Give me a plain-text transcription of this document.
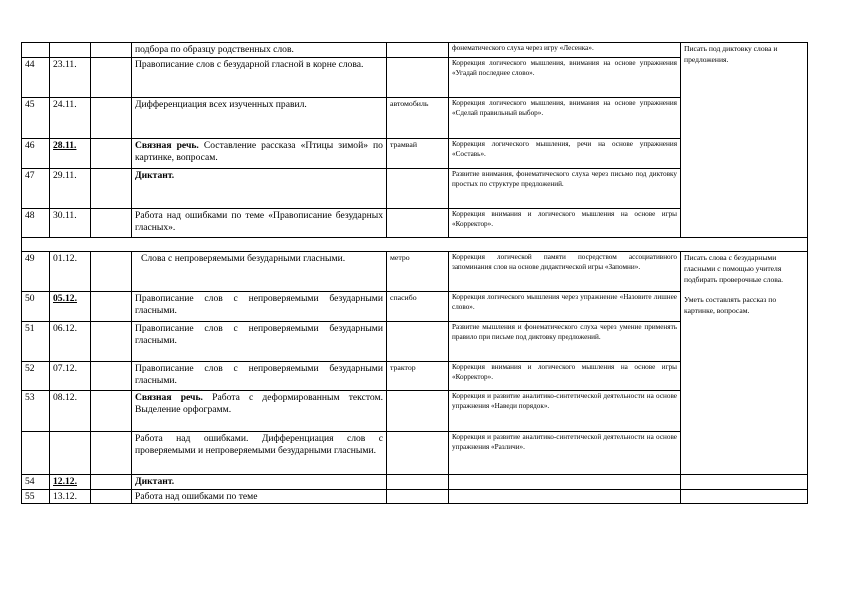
			подбора по образцу родственных слов.		фонематического слуха через игру «Лесенка».	Писать под диктовку слова и предложения.
44	23.11.		Правописание слов с безударной гласной в корне слова.		Коррекция логического мышления, внимания на основе упражнения «Угадай последнее слово».	
45	24.11.		Дифференциация всех изученных правил.	автомобиль	Коррекция логического мышления, внимания на основе упражнения «Сделай правильный выбор».	
46	28.11.		Связная речь. Составление рассказа «Птицы зимой» по картинке, вопросам.	трамвай	Коррекция логического мышления, речи на основе упражнения «Составь».	
47	29.11.		Диктант.		Развитие внимания, фонематического слуха через письмо под диктовку простых по структуре предложений.	
48	30.11.		Работа над ошибками по теме «Правописание безударных гласных».		Коррекция внимания и логического мышления на основе игры «Корректор».	

49	01.12.		Слова с непроверяемыми безударными гласными.	метро	Коррекция логической памяти посредством ассоциативного запоминания слов на основе дидактической игры «Запомни».	Писать слова с безударными гласными с помощью учителя подбирать проверочные слова.
Уметь составлять рассказ по картинке, вопросам.

50	05.12.		Правописание слов с непроверяемыми безударными гласными.	спасибо	Коррекция логического мышления через упражнение «Назовите лишнее слово».	
51	06.12.		Правописание слов с непроверяемыми безударными гласными.		Развитие мышления и фонематического слуха через умение применять правило при письме под диктовку предложений.	
52	07.12.		Правописание слов с непроверяемыми безударными гласными.	трактор	Коррекция внимания и логического мышления на основе игры «Корректор».	
53	08.12.		Связная речь. Работа с деформированным текстом. Выделение орфограмм.		Коррекция и развитие аналитико-синтетической деятельности на основе упражнения «Наведи порядок».	
			Работа над ошибками. Дифференциация слов с проверяемыми и непроверяемыми безударными гласными.		Коррекция и развитие аналитико-синтетической деятельности на основе упражнения «Различи».	
54	12.12.		Диктант.			
55	13.12.		Работа над ошибками по теме			
